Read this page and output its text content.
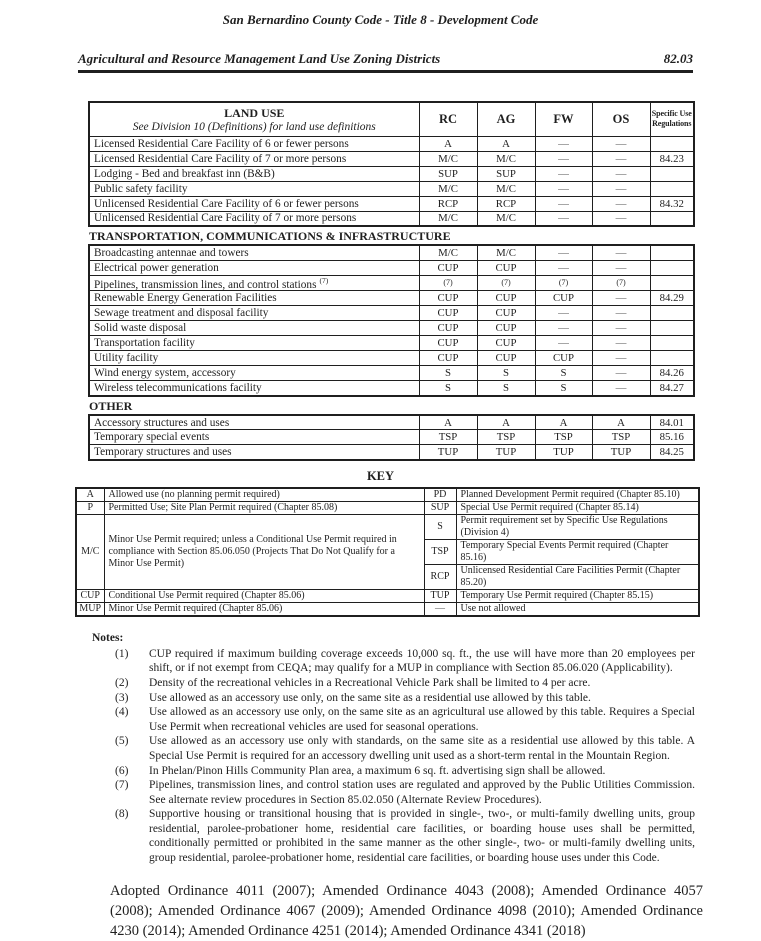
San Bernardino County Code - Title 8 - Development Code
Agricultural and Resource Management Land Use Zoning Districts	82.03
LAND USE
See Division 10 (Definitions) for land use definitions
	RC	AG	FW	OS	Specific Use
Regulations

Licensed Residential Care Facility of 6 or fewer persons	A	A	—	—	
Licensed Residential Care Facility of 7 or more persons	M/C	M/C	—	—	84.23
Lodging - Bed and breakfast inn (B&B)	SUP	SUP	—	—	
Public safety facility	M/C	M/C	—	—	
Unlicensed Residential Care Facility of 6 or fewer persons	RCP	RCP	—	—	84.32
Unlicensed Residential Care Facility of 7 or more persons	M/C	M/C	—	—	
TRANSPORTATION, COMMUNICATIONS & INFRASTRUCTURE
Broadcasting antennae and towers	M/C	M/C	—	—	
Electrical power generation	CUP	CUP	—	—	
Pipelines, transmission lines, and control stations $^{(7)}$	(7)	(7)	(7)	(7)	
Renewable Energy Generation Facilities	CUP	CUP	CUP	—	84.29
Sewage treatment and disposal facility	CUP	CUP	—	—	
Solid waste disposal	CUP	CUP	—	—	
Transportation facility	CUP	CUP	—	—	
Utility facility	CUP	CUP	CUP	—	
Wind energy system, accessory	S	S	S	—	84.26
Wireless telecommunications facility	S	S	S	—	84.27
OTHER
Accessory structures and uses	A	A	A	A	84.01
Temporary special events	TSP	TSP	TSP	TSP	85.16
Temporary structures and uses	TUP	TUP	TUP	TUP	84.25
KEY
A	Allowed use (no planning permit required)	PD	Planned Development Permit required (Chapter 85.10)
P	Permitted Use; Site Plan Permit required (Chapter 85.08)	SUP	Special Use Permit required (Chapter 85.14)
M/C	Minor Use Permit required; unless a Conditional Use Permit required in compliance with Section 85.06.050 (Projects That Do Not Qualify for a Minor Use Permit)	S	Permit requirement set by Specific Use Regulations (Division 4)
		TSP	Temporary Special Events Permit required (Chapter 85.16)
		RCP	Unlicensed Residential Care Facilities Permit (Chapter 85.20)
CUP	Conditional Use Permit required (Chapter 85.06)	TUP	Temporary Use Permit required (Chapter 85.15)
MUP	Minor Use Permit required (Chapter 85.06)	—	Use not allowed
Notes:
(1)	CUP required if maximum building coverage exceeds 10,000 sq. ft., the use will have more than 20 employees per shift, or if not exempt from CEQA; may qualify for a MUP in compliance with Section 85.06.020 (Applicability).
(2)	Density of the recreational vehicles in a Recreational Vehicle Park shall be limited to 4 per acre.
(3)	Use allowed as an accessory use only, on the same site as a residential use allowed by this table.
(4)	Use allowed as an accessory use only, on the same site as an agricultural use allowed by this table. Requires a Special Use Permit when recreational vehicles are used for seasonal operations.
(5)	Use allowed as an accessory use only with standards, on the same site as a residential use allowed by this table. A Special Use Permit is required for an accessory dwelling unit used as a short-term rental in the Mountain Region.
(6)	In Phelan/Pinon Hills Community Plan area, a maximum 6 sq. ft. advertising sign shall be allowed.
(7)	Pipelines, transmission lines, and control station uses are regulated and approved by the Public Utilities Commission. See alternate review procedures in Section 85.02.050 (Alternate Review Procedures).
(8)	Supportive housing or transitional housing that is provided in single-, two-, or multi-family dwelling units, group residential, parolee-probationer home, residential care facilities, or boarding house uses shall be permitted, conditionally permitted or prohibited in the same manner as the other single-, two- or multi-family dwelling units, group residential, parolee-probationer home, residential care facilities, or boarding house uses under this Code.

Adopted Ordinance 4011 (2007); Amended Ordinance 4043 (2008); Amended Ordinance 4057 (2008); Amended Ordinance 4067 (2009); Amended Ordinance 4098 (2010); Amended Ordinance 4230 (2014); Amended Ordinance 4251 (2014); Amended Ordinance 4341 (2018)
